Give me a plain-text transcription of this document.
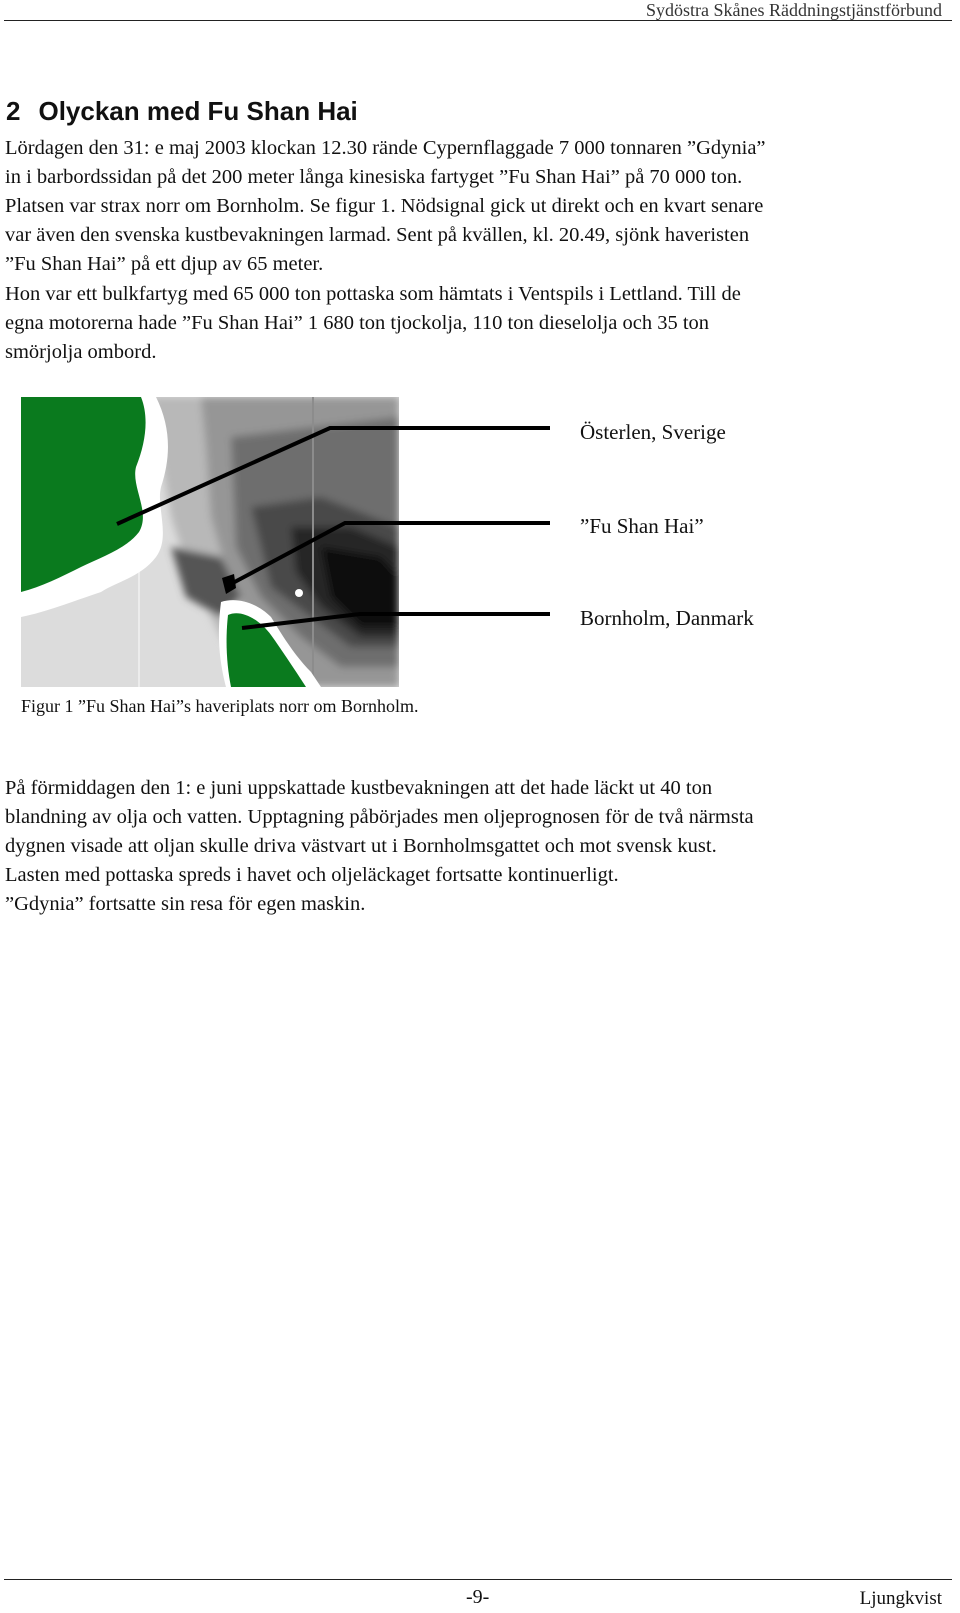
Sydöstra Skånes Räddningstjänstförbund
2 Olyckan med Fu Shan Hai

Lördagen den 31: e maj 2003 klockan 12.30 rände Cypernflaggade 7 000 tonnaren ”Gdynia”

in i barbordssidan på det 200 meter långa kinesiska fartyget ”Fu Shan Hai” på 70 000 ton.

Platsen var strax norr om Bornholm. Se figur 1. Nödsignal gick ut direkt och en kvart senare

var även den svenska kustbevakningen larmad. Sent på kvällen, kl. 20.49, sjönk haveristen

”Fu Shan Hai” på ett djup av 65 meter.

Hon var ett bulkfartyg med 65 000 ton pottaska som hämtats i Ventspils i Lettland. Till de

egna motorerna hade ”Fu Shan Hai” 1 680 ton tjockolja, 110 ton dieselolja och 35 ton

smörjolja ombord.

Österlen, Sverige
”Fu Shan Hai”
Bornholm, Danmark
Figur 1 ”Fu Shan Hai”s haveriplats norr om Bornholm.

På förmiddagen den 1: e juni uppskattade kustbevakningen att det hade läckt ut 40 ton

blandning av olja och vatten. Upptagning påbörjades men oljeprognosen för de två närmsta

dygnen visade att oljan skulle driva västvart ut i Bornholmsgattet och mot svensk kust.

Lasten med pottaska spreds i havet och oljeläckaget fortsatte kontinuerligt.

”Gdynia” fortsatte sin resa för egen maskin.

-9-	Ljungkvist
